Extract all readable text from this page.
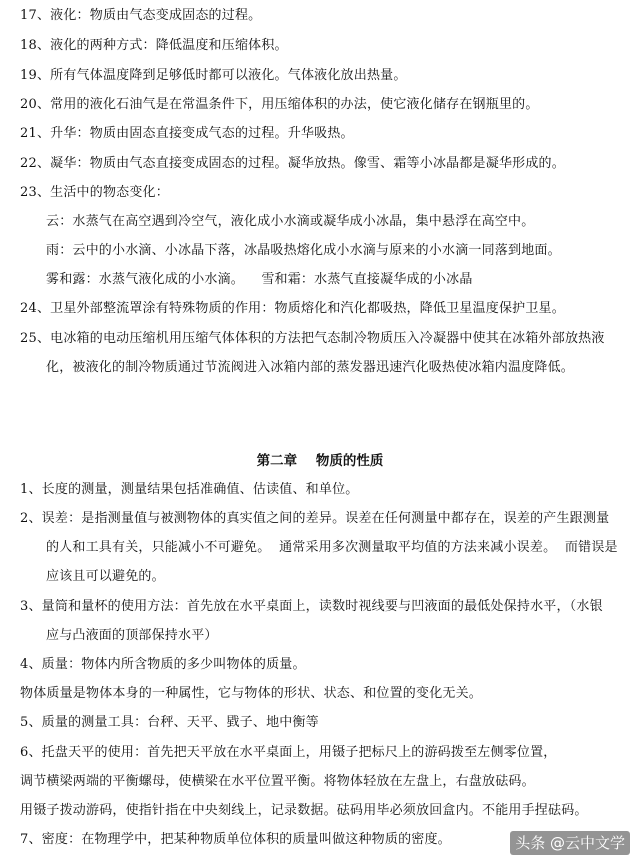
17、液化：物质由气态变成固态的过程。
18、液化的两种方式：降低温度和压缩体积。
19、所有气体温度降到足够低时都可以液化。气体液化放出热量。
20、常用的液化石油气是在常温条件下，用压缩体积的办法，使它液化储存在钢瓶里的。
21、升华：物质由固态直接变成气态的过程。升华吸热。
22、凝华：物质由气态直接变成固态的过程。凝华放热。像雪、霜等小冰晶都是凝华形成的。
23、生活中的物态变化：
云：水蒸气在高空遇到冷空气，液化成小水滴或凝华成小冰晶，集中悬浮在高空中。
雨：云中的小水滴、小冰晶下落，冰晶吸热熔化成小水滴与原来的小水滴一同落到地面。
雾和露：水蒸气液化成的小水滴。    雪和霜：水蒸气直接凝华成的小冰晶
24、卫星外部整流罩涂有特殊物质的作用：物质熔化和汽化都吸热，降低卫星温度保护卫星。
25、电冰箱的电动压缩机用压缩气体体积的方法把气态制冷物质压入冷凝器中使其在冰箱外部放热液
化，被液化的制冷物质通过节流阀进入冰箱内部的蒸发器迅速汽化吸热使冰箱内温度降低。
第二章    物质的性质
1、长度的测量，测量结果包括准确值、估读值、和单位。
2、误差：是指测量值与被测物体的真实值之间的差异。误差在任何测量中都存在，误差的产生跟测量
的人和工具有关，只能减小不可避免。  通常采用多次测量取平均值的方法来减小误差。  而错误是
应该且可以避免的。
3、量筒和量杯的使用方法：首先放在水平桌面上，读数时视线要与凹液面的最低处保持水平，（水银
应与凸液面的顶部保持水平）
4、质量：物体内所含物质的多少叫物体的质量。
物体质量是物体本身的一种属性，它与物体的形状、状态、和位置的变化无关。
5、质量的测量工具：台秤、天平、戥子、地中衡等
6、托盘天平的使用：首先把天平放在水平桌面上，用镊子把标尺上的游码拨至左侧零位置，
调节横梁两端的平衡螺母，使横梁在水平位置平衡。将物体轻放在左盘上，右盘放砝码。
用镊子拨动游码，使指针指在中央刻线上，记录数据。砝码用毕必须放回盒内。不能用手捏砝码。
7、密度：在物理学中，把某种物质单位体积的质量叫做这种物质的密度。	头条 @云中文学
